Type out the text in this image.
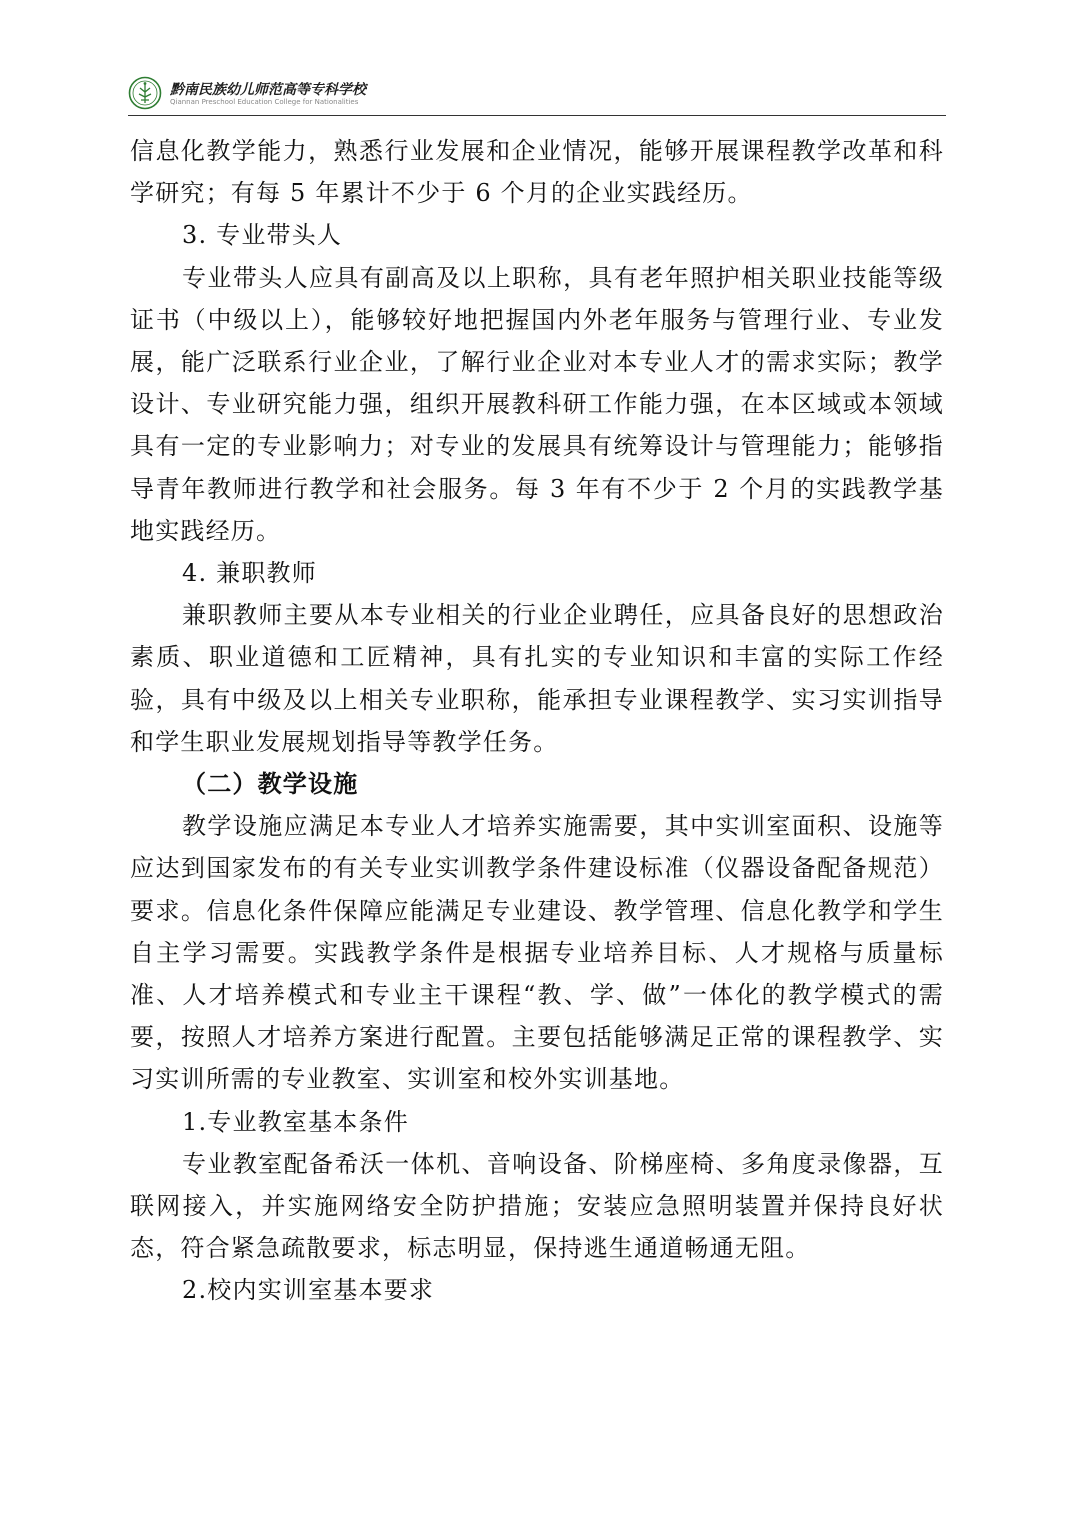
黔南民族幼儿师范高等专科学校
Qiannan Preschool Education College for Nationalities

信息化教学能力，熟悉行业发展和企业情况，能够开展课程教学改革和科学研究；有每 5 年累计不少于 6 个月的企业实践经历。

3. 专业带头人

专业带头人应具有副高及以上职称，具有老年照护相关职业技能等级证书（中级以上），能够较好地把握国内外老年服务与管理行业、专业发展，能广泛联系行业企业，了解行业企业对本专业人才的需求实际；教学设计、专业研究能力强，组织开展教科研工作能力强，在本区域或本领域具有一定的专业影响力；对专业的发展具有统筹设计与管理能力；能够指导青年教师进行教学和社会服务。每 3 年有不少于 2 个月的实践教学基地实践经历。

4. 兼职教师

兼职教师主要从本专业相关的行业企业聘任，应具备良好的思想政治素质、职业道德和工匠精神，具有扎实的专业知识和丰富的实际工作经验，具有中级及以上相关专业职称，能承担专业课程教学、实习实训指导和学生职业发展规划指导等教学任务。

（二）教学设施

教学设施应满足本专业人才培养实施需要，其中实训室面积、设施等应达到国家发布的有关专业实训教学条件建设标准（仪器设备配备规范）要求。信息化条件保障应能满足专业建设、教学管理、信息化教学和学生自主学习需要。实践教学条件是根据专业培养目标、人才规格与质量标准、人才培养模式和专业主干课程“教、学、做”一体化的教学模式的需要，按照人才培养方案进行配置。主要包括能够满足正常的课程教学、实习实训所需的专业教室、实训室和校外实训基地。

1.专业教室基本条件

专业教室配备希沃一体机、音响设备、阶梯座椅、多角度录像器，互联网接入，并实施网络安全防护措施；安装应急照明装置并保持良好状态，符合紧急疏散要求，标志明显，保持逃生通道畅通无阻。

2.校内实训室基本要求
